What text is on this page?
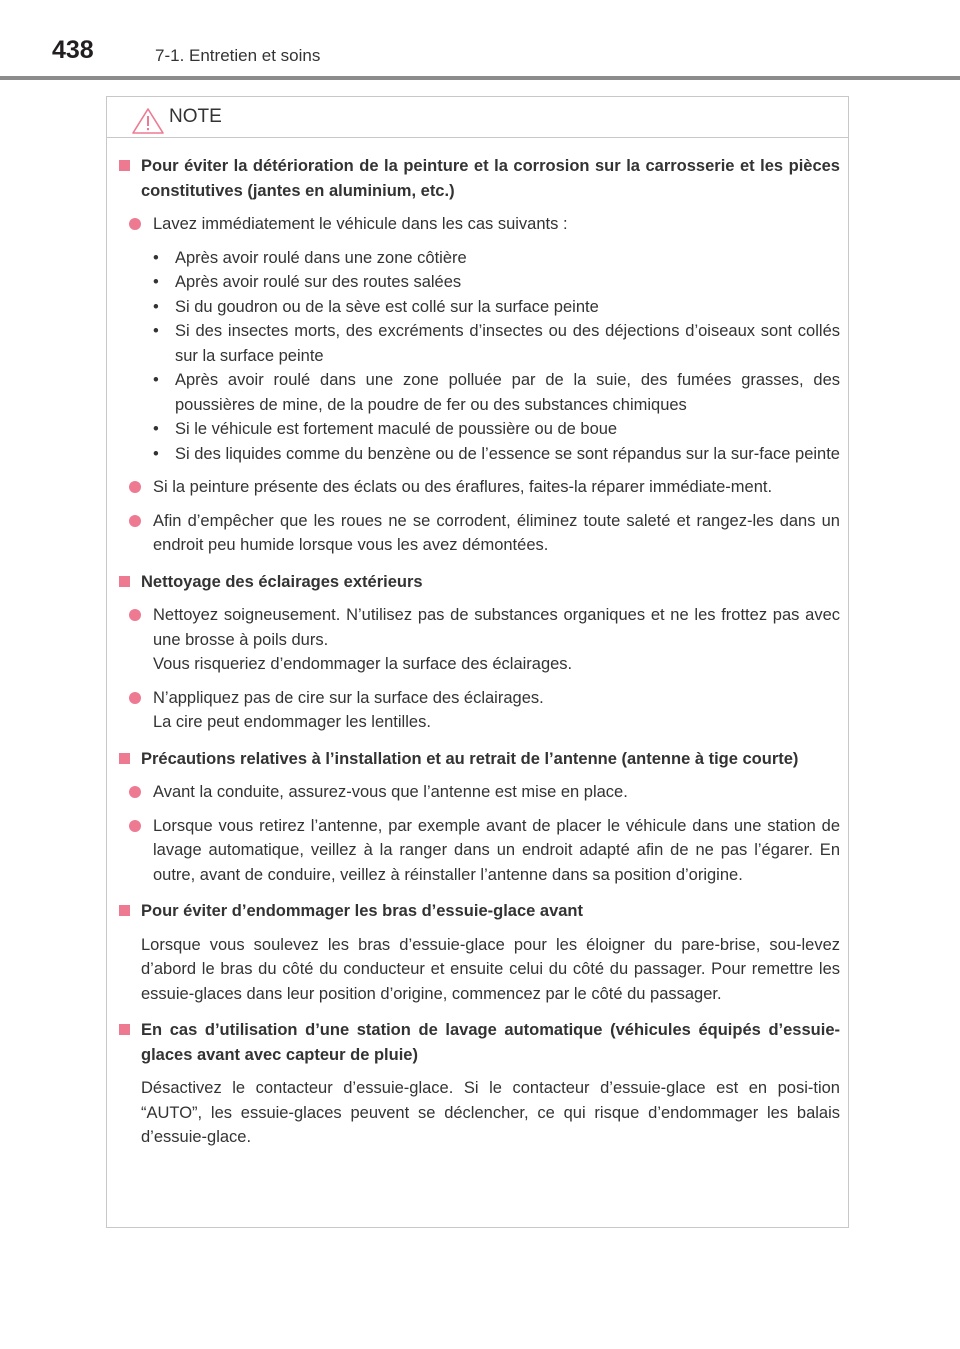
438	7-1. Entretien et soins
NOTE
Pour éviter la détérioration de la peinture et la corrosion sur la carrosserie et les pièces constitutives (jantes en aluminium, etc.)
Lavez immédiatement le véhicule dans les cas suivants :
• Après avoir roulé dans une zone côtière
• Après avoir roulé sur des routes salées
• Si du goudron ou de la sève est collé sur la surface peinte
• Si des insectes morts, des excréments d’insectes ou des déjections d’oiseaux sont collés sur la surface peinte
• Après avoir roulé dans une zone polluée par de la suie, des fumées grasses, des poussières de mine, de la poudre de fer ou des substances chimiques
• Si le véhicule est fortement maculé de poussière ou de boue
• Si des liquides comme du benzène ou de l’essence se sont répandus sur la sur-face peinte
Si la peinture présente des éclats ou des éraflures, faites-la réparer immédiate-ment.
Afin d’empêcher que les roues ne se corrodent, éliminez toute saleté et rangez-les dans un endroit peu humide lorsque vous les avez démontées.
Nettoyage des éclairages extérieurs
Nettoyez soigneusement. N’utilisez pas de substances organiques et ne les frottez pas avec une brosse à poils durs.
Vous risqueriez d’endommager la surface des éclairages.
N’appliquez pas de cire sur la surface des éclairages.
La cire peut endommager les lentilles.
Précautions relatives à l’installation et au retrait de l’antenne (antenne à tige courte)
Avant la conduite, assurez-vous que l’antenne est mise en place.
Lorsque vous retirez l’antenne, par exemple avant de placer le véhicule dans une station de lavage automatique, veillez à la ranger dans un endroit adapté afin de ne pas l’égarer. En outre, avant de conduire, veillez à réinstaller l’antenne dans sa position d’origine.
Pour éviter d’endommager les bras d’essuie-glace avant
Lorsque vous soulevez les bras d’essuie-glace pour les éloigner du pare-brise, sou-levez d’abord le bras du côté du conducteur et ensuite celui du côté du passager. Pour remettre les essuie-glaces dans leur position d’origine, commencez par le côté du passager.
En cas d’utilisation d’une station de lavage automatique (véhicules équipés d’essuie-glaces avant avec capteur de pluie)
Désactivez le contacteur d’essuie-glace. Si le contacteur d’essuie-glace est en posi-tion “AUTO”, les essuie-glaces peuvent se déclencher, ce qui risque d’endommager les balais d’essuie-glace.
